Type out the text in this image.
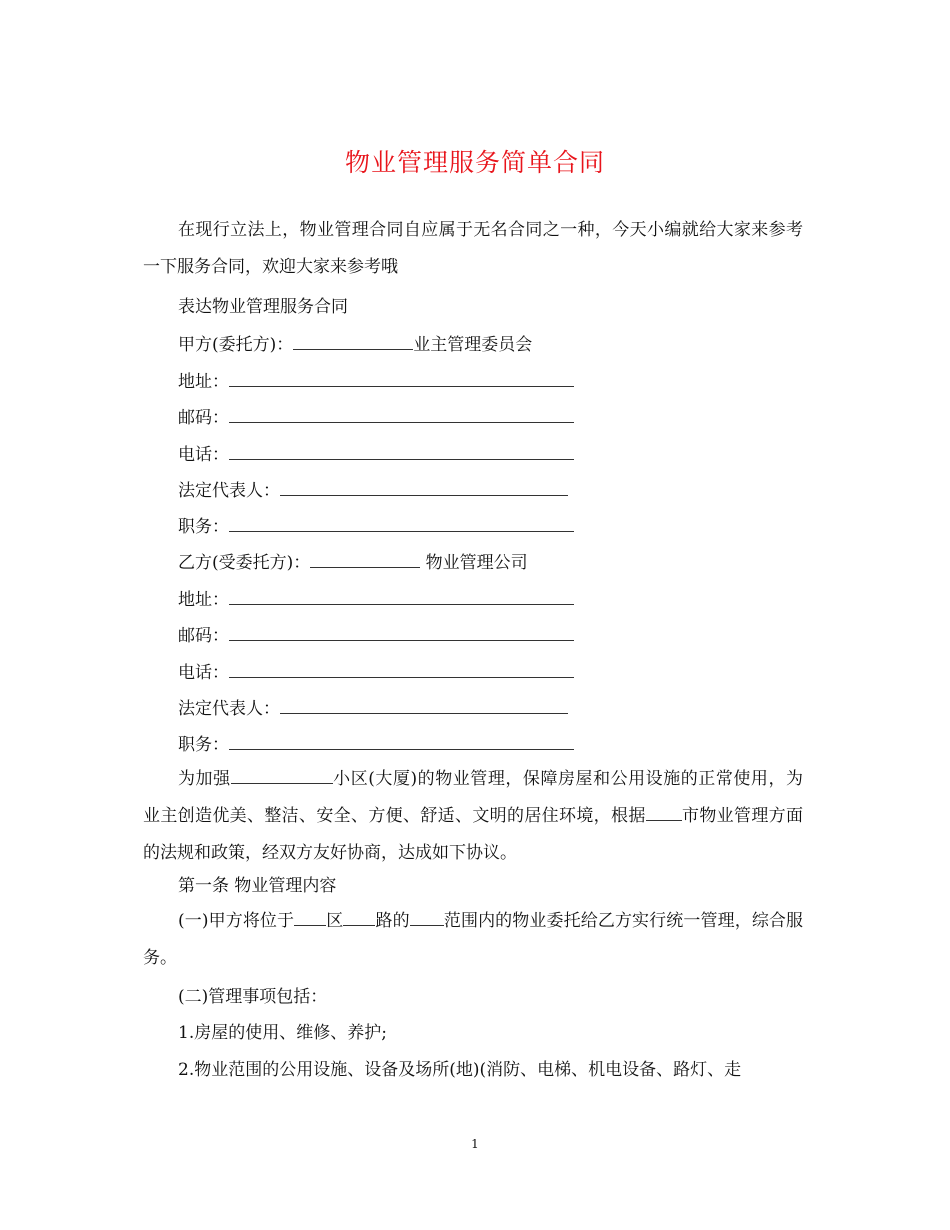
物业管理服务简单合同

在现行立法上，物业管理合同自应属于无名合同之一种，今天小编就给大家来参考一下服务合同，欢迎大家来参考哦

表达物业管理服务合同
甲方(委托方)：	业主管理委员会
地址：
邮码：
电话：
法定代表人：
职务：
乙方(受委托方)：	物业管理公司
地址：
邮码：
电话：
法定代表人：
职务：

为加强	小区(大厦)的物业管理，保障房屋和公用设施的正常使用，为业主创造优美、整洁、安全、方便、舒适、文明的居住环境，根据 市物业管理方面的法规和政策，经双方友好协商，达成如下协议。

第一条 物业管理内容

(一)甲方将位于 区 路的 范围内的物业委托给乙方实行统一管理，综合服务。

(二)管理事项包括：
1.房屋的使用、维修、养护;
2.物业范围的公用设施、设备及场所(地)(消防、电梯、机电设备、路灯、走
1
